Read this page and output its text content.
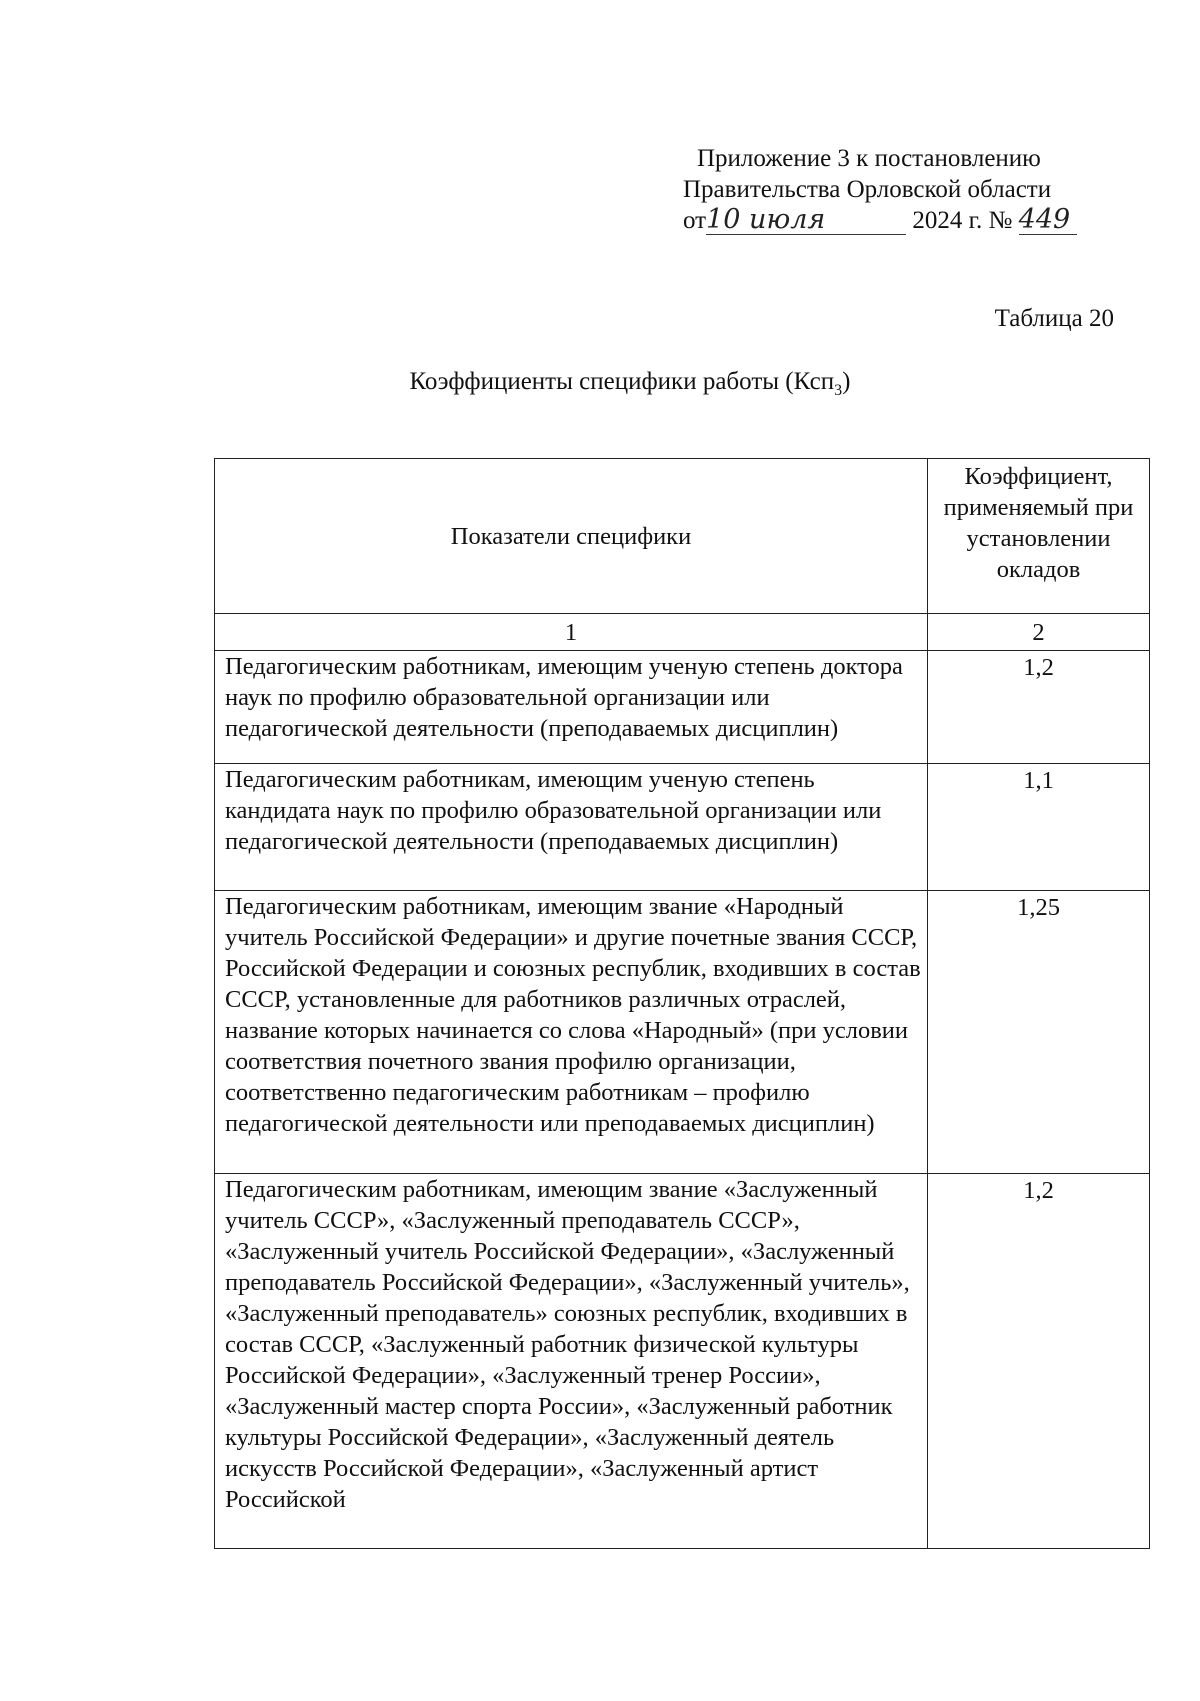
Приложение 3 к постановлению
Правительства Орловской области
от10 июля	2024 г. № 449
Таблица 20
Коэффициенты специфики работы (Ксп$_3$)
Показатели специфики	Коэффициент, применяемый при установлении окладов
1	2
Педагогическим работникам, имеющим ученую степень доктора наук по профилю образовательной организации или педагогической деятельности (преподаваемых дисциплин)	1,2
Педагогическим работникам, имеющим ученую степень кандидата наук по профилю образовательной организации или педагогической деятельности (преподаваемых дисциплин)	1,1
Педагогическим работникам, имеющим звание «Народный учитель Российской Федерации» и другие почетные звания СССР, Российской Федерации и союзных республик, входивших в состав СССР, установленные для работников различных отраслей, название которых начинается со слова «Народный» (при условии соответствия почетного звания профилю организации, соответственно педагогическим работникам – профилю педагогической деятельности или преподаваемых дисциплин)	1,25
Педагогическим работникам, имеющим звание «Заслуженный учитель СССР», «Заслуженный преподаватель СССР», «Заслуженный учитель Российской Федерации», «Заслуженный преподаватель Российской Федерации», «Заслуженный учитель», «Заслуженный преподаватель» союзных республик, входивших в состав СССР, «Заслуженный работник физической культуры Российской Федерации», «Заслуженный тренер России», «Заслуженный мастер спорта России», «Заслуженный работник культуры Российской Федерации», «Заслуженный деятель искусств Российской Федерации», «Заслуженный артист Российской	1,2
